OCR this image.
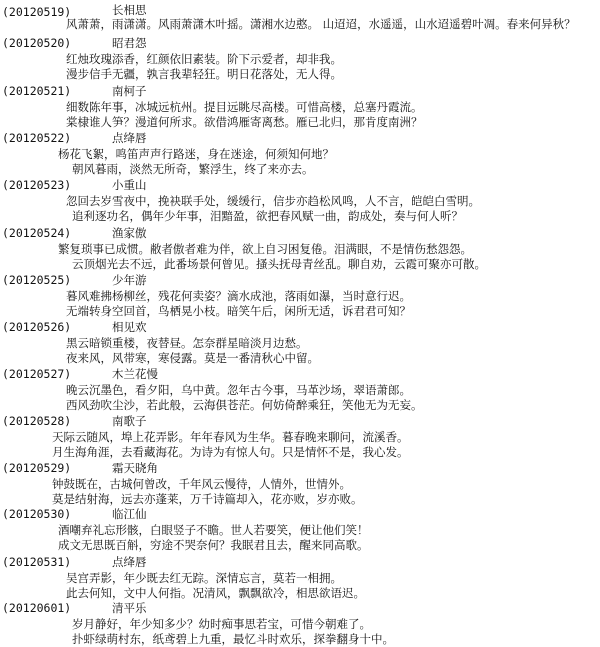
(20120519)	长相思
风萧萧，雨潇潇。风雨萧潇木叶摇。潇湘水边憨。 山迢迢，水遥遥，山水迢遥碧叶凋。春来何异秋？
(20120520)	昭君怨
红烛玫瑰添香，红颜依旧素装。阶下示爱者，却非我。
漫步信手无疆，孰言我辈轻狂。明日花落处，无人得。
(20120521)	南柯子
细数陈年事，冰城远杭州。提目远眺尽高楼。可惜高楼，总塞丹霞流。
棠棣谁人笋？漫道何所求。欲借鸿雁寄离愁。雁已北归，那肯度南洲？
(20120522)	点绛唇
杨花飞絮，鸣笛声声行路迷，身在迷途，何须知何地？
朝风暮雨，淡然无所奇，繁浮生，终了来亦去。
(20120523)	小重山
忽回去岁雪夜中，挽袂联手处，缓缓行，信步亦趋松风鸣，人不言，皑皑白雪明。
追利逐功名，偶年少年事，泪黯盈，欲把春风赋一曲，韵成处，奏与何人听？
(20120524)	渔家傲
繁复琐事已成惯。敝者傲者难为伴，欲上自习困复倦。泪满眼，不是情伤愁怨怨。
云顶烟光去不远，此番场景何曾见。搔头抚母青丝乱。聊自劝，云霞可聚亦可散。
(20120525)	少年游
暮风难拂杨柳丝，残花何卖姿？滴水成池，落雨如瀑，当时意行迟。
无端转身空回首，鸟栖晃小枝。暗笑午后，闲所无适，诉君君可知？
(20120526)	相见欢
黑云暗锁重楼，夜替昼。怎奈群星暗淡月边愁。
夜来风，风带寒，寒侵露。莫是一番清秋心中留。
(20120527)	木兰花慢
晚云沉墨色，看夕阳，乌中黄。忽年古今事，马革沙场，翠语萧郎。
西风劲吹尘沙，若此般，云海俱苍茫。何妨倚醉乘狂，笑他无为无妄。
(20120528)	南歌子
天际云随风，埠上花弄影。年年春风为生华。暮春晚来聊问，流溪香。
月生海角涯，去看藏海花。为诗为有惊人句。只是情怀不是，我心发。
(20120529)	霜天晓角
钟鼓既在，古城何曾改，千年风云慢待，人情外，世情外。
莫是结射海，远去亦蓬莱，万千诗篇却入，花亦败，岁亦败。
(20120530)	临江仙
酒嘲弃礼忘形骸，白眼竖子不瞻。世人若要笑，便让他们笑！
成文无思既百斛，穷途不哭奈何？我眠君且去，醒来同高歌。
(20120531)	点绛唇
吴宫弄影，年少既去红无踪。深情忘言，莫若一相拥。
此去何知，文中人何指。况清风，飘飘欲冷，相思欲语迟。
(20120601)	清平乐
岁月静好，年少知多少？幼时痴事思若宝，可惜今朝难了。
扑虾绿萌村东，纸鸢碧上九重，最忆斗时欢乐，探拳翻身十中。
